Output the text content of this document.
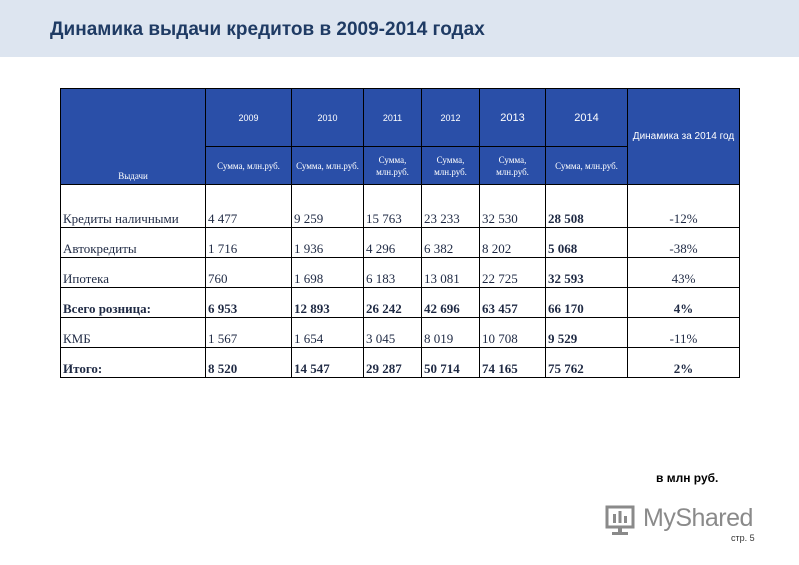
Динамика выдачи кредитов в 2009-2014 годах
Выдачи	2009	2010	2011	2012	2013	2014	Динамика за 2014 год
	Сумма, млн.руб.	Сумма, млн.руб.	Сумма, млн.руб.	Сумма, млн.руб.	Сумма, млн.руб.	Сумма, млн.руб.	
Кредиты наличными	4 477	9 259	15 763	23 233	32 530	28 508	-12%
Автокредиты	1 716	1 936	4 296	6 382	8 202	5 068	-38%
Ипотека	760	1 698	6 183	13 081	22 725	32 593	43%
Всего розница:	6 953	12 893	26 242	42 696	63 457	66 170	4%
КМБ	1 567	1 654	3 045	8 019	10 708	9 529	-11%
Итого:	8 520	14 547	29 287	50 714	74 165	75 762	2%
в млн руб.
MyShared
стр. 5
